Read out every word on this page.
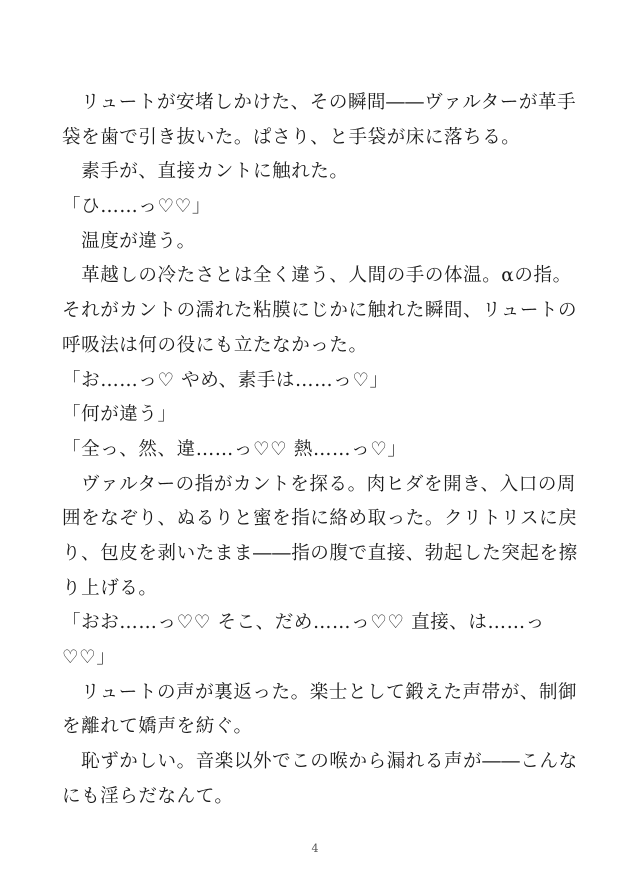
　リュートが安堵しかけた、その瞬間――ヴァルターが革手
袋を歯で引き抜いた。ぱさり、と手袋が床に落ちる。
　素手が、直接カントに触れた。
「ひ……っ♡♡」
　温度が違う。
　革越しの冷たさとは全く違う、人間の手の体温。αの指。
それがカントの濡れた粘膜にじかに触れた瞬間、リュートの
呼吸法は何の役にも立たなかった。
「お……っ♡ やめ、素手は……っ♡」
「何が違う」
「全っ、然、違……っ♡♡ 熱……っ♡」
　ヴァルターの指がカントを探る。肉ヒダを開き、入口の周
囲をなぞり、ぬるりと蜜を指に絡め取った。クリトリスに戻
り、包皮を剥いたまま――指の腹で直接、勃起した突起を擦
り上げる。
「おお……っ♡♡ そこ、だめ……っ♡♡ 直接、は……っ
♡♡」
　リュートの声が裏返った。楽士として鍛えた声帯が、制御
を離れて嬌声を紡ぐ。
　恥ずかしい。音楽以外でこの喉から漏れる声が――こんな
にも淫らだなんて。
4
